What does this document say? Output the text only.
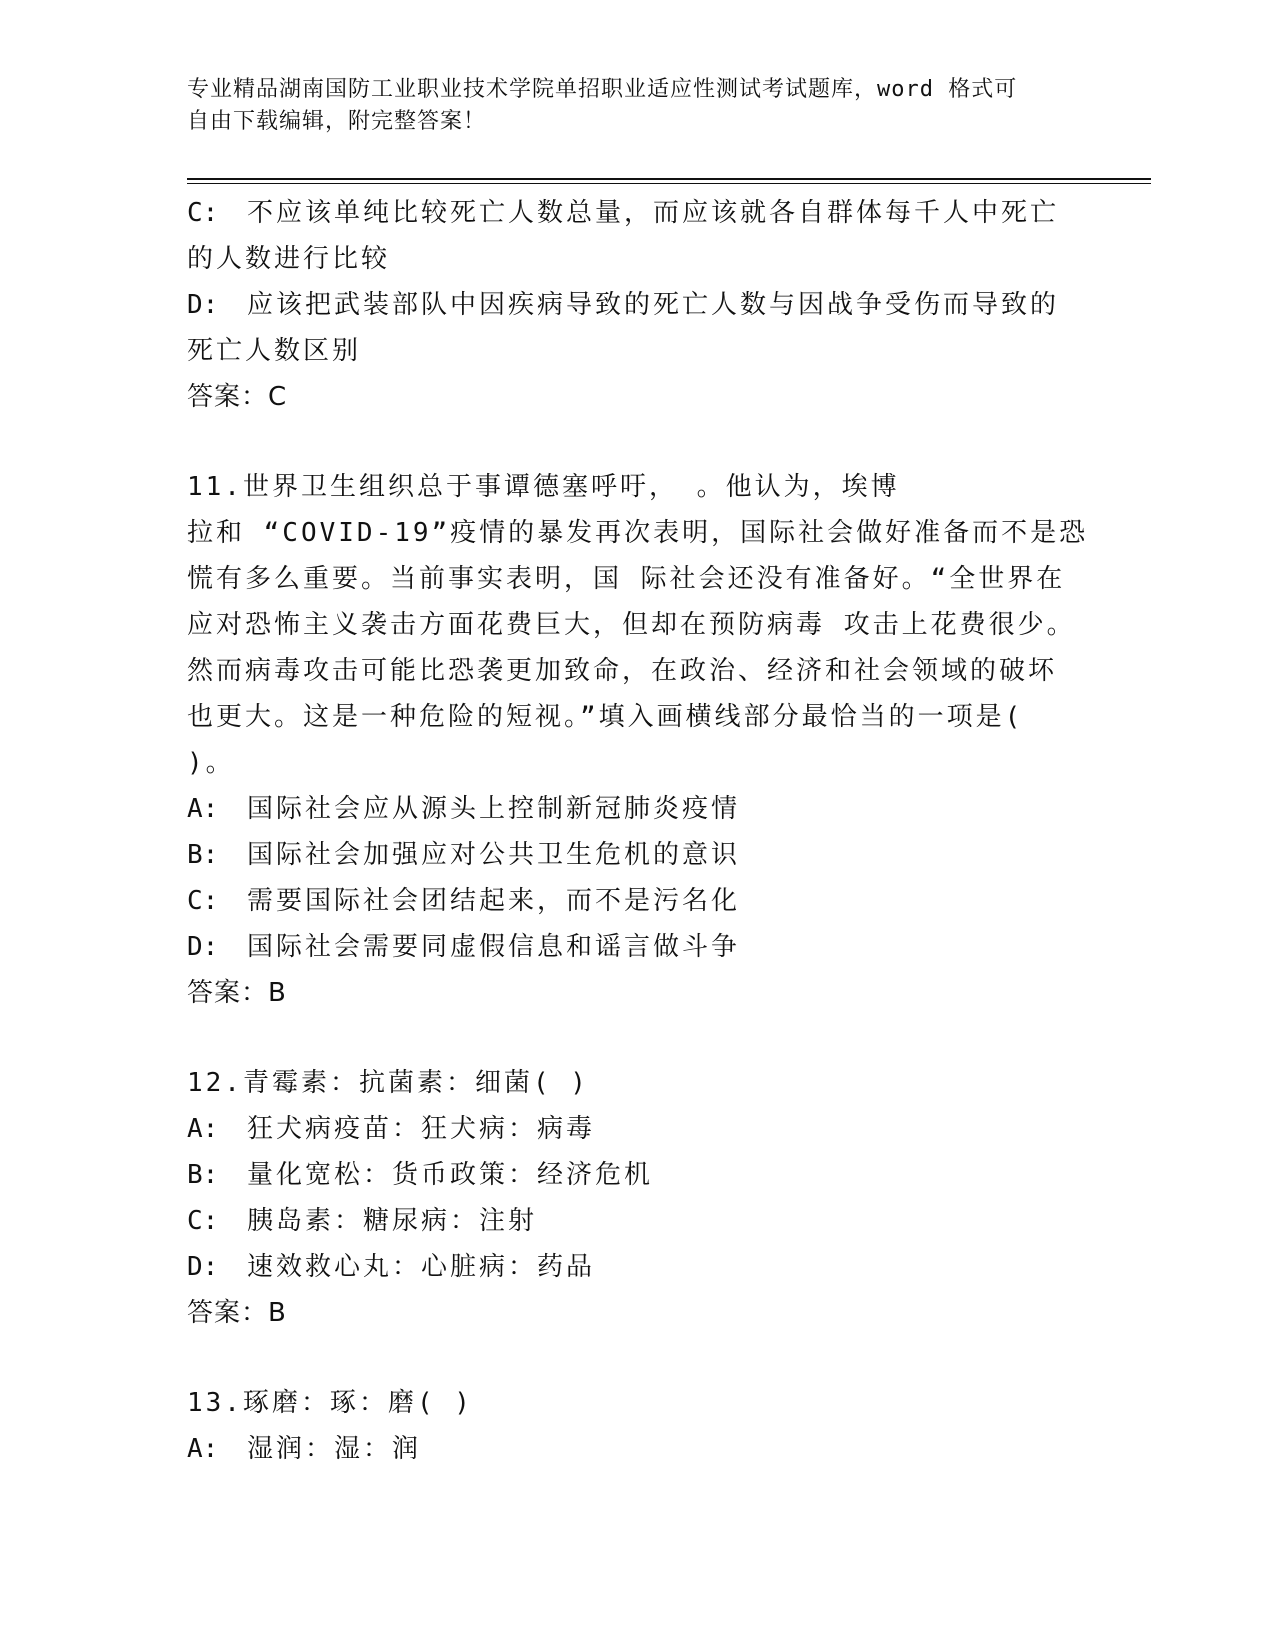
专业精品湖南国防工业职业技术学院单招职业适应性测试考试题库，word 格式可
自由下载编辑，附完整答案！
C: 不应该单纯比较死亡人数总量，而应该就各自群体每千人中死亡
的人数进行比较
D: 应该把武装部队中因疾病导致的死亡人数与因战争受伤而导致的
死亡人数区别
答案：C
11.世界卫生组织总于事谭德塞呼吁， 。他认为，埃博
拉和 “COVID-19”疫情的暴发再次表明，国际社会做好准备而不是恐
慌有多么重要。当前事实表明，国 际社会还没有准备好。“全世界在
应对恐怖主义袭击方面花费巨大，但却在预防病毒 攻击上花费很少。
然而病毒攻击可能比恐袭更加致命，在政治、经济和社会领域的破坏
也更大。这是一种危险的短视。”填入画横线部分最恰当的一项是(
)。
A: 国际社会应从源头上控制新冠肺炎疫情
B: 国际社会加强应对公共卫生危机的意识
C: 需要国际社会团结起来，而不是污名化
D: 国际社会需要同虚假信息和谣言做斗争
答案：B
12.青霉素：抗菌素：细菌( )
A: 狂犬病疫苗：狂犬病：病毒
B: 量化宽松：货币政策：经济危机
C: 胰岛素：糖尿病：注射
D: 速效救心丸：心脏病：药品
答案：B
13.琢磨：琢：磨( )
A: 湿润：湿：润
